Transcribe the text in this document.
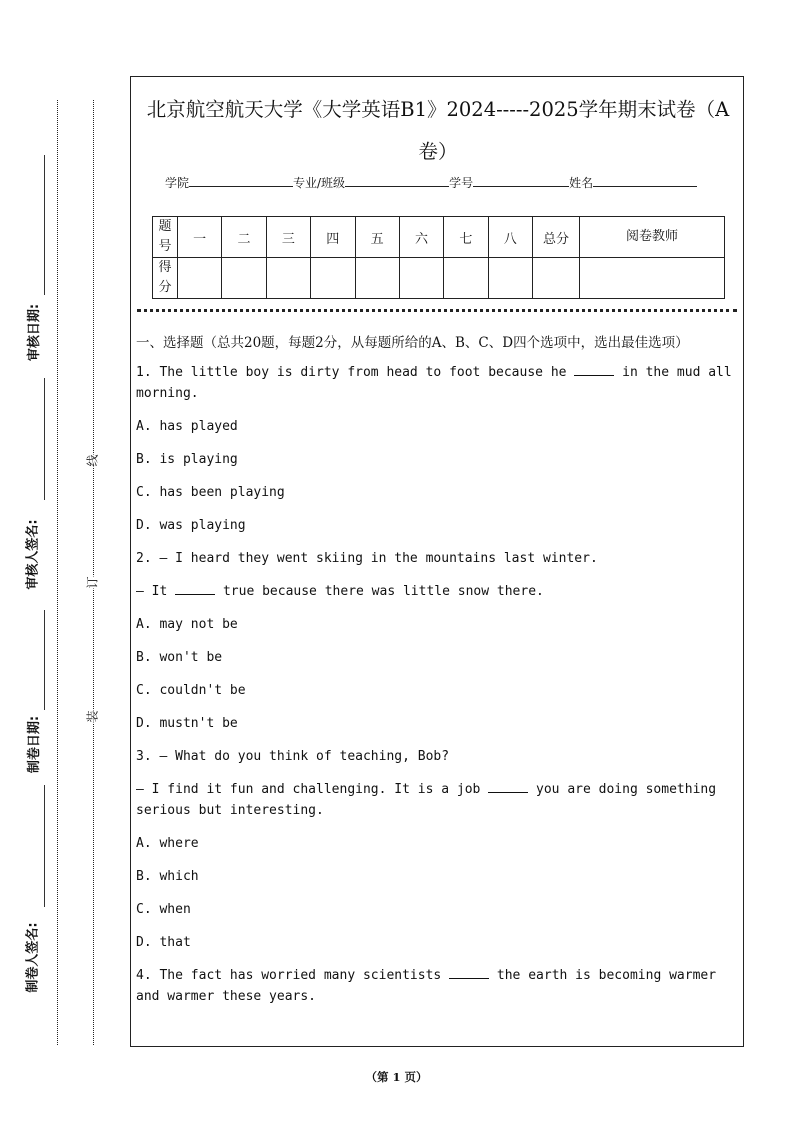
审核日期:
审核人签名:
制卷日期:
制卷人签名:
线
订
装
北京航空航天大学《大学英语B1》2024-----2025学年期末试卷（A卷）
学院	专业/班级	学号	姓名
题号	一	二	三	四	五	六	七	八	总分	阅卷教师
得分										
一、选择题（总共20题，每题2分，从每题所给的A、B、C、D四个选项中，选出最佳选项）
1. The little boy is dirty from head to foot because he	in the mud all morning.
A. has played
B. is playing
C. has been playing
D. was playing
2. — I heard they went skiing in the mountains last winter.
— It	true because there was little snow there.
A. may not be
B. won't be
C. couldn't be
D. mustn't be
3. — What do you think of teaching, Bob?
— I find it fun and challenging. It is a job	you are doing something serious but interesting.
A. where
B. which
C. when
D. that
4. The fact has worried many scientists	the earth is becoming warmer and warmer these years.
（第 1 页）
